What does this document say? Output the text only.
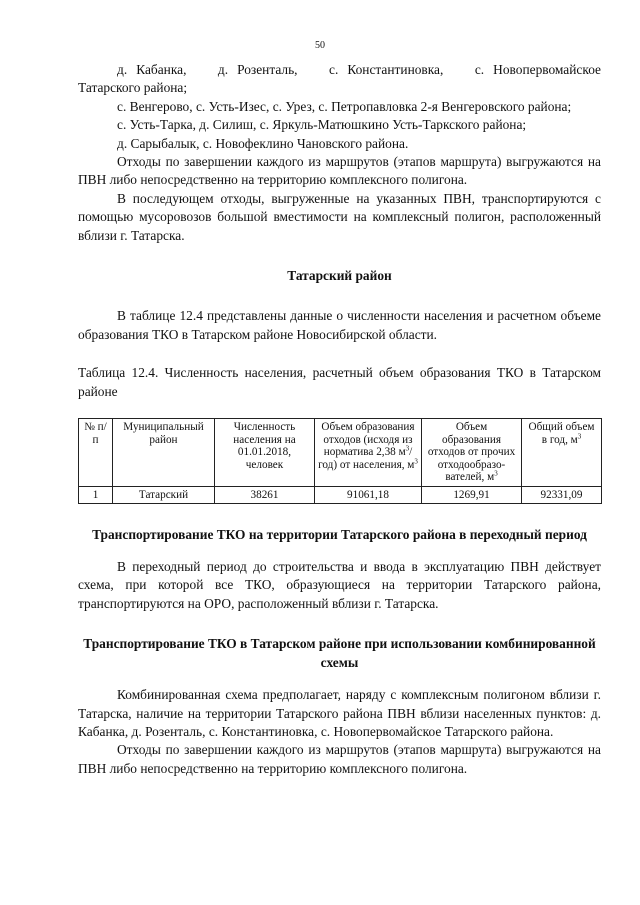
50

д. Кабанка,   д. Розенталь,   с. Константиновка,   с. Новопервомайское Татарского района;

с. Венгерово, с. Усть-Изес, с. Урез, с. Петропавловка 2-я Венгеровского района;

с. Усть-Тарка, д. Силиш, с. Яркуль-Матюшкино Усть-Таркского района;

д. Сарыбалык, с. Новофеклино Чановского района.

Отходы по завершении каждого из маршрутов (этапов маршрута) выгружаются на ПВН либо непосредственно на территорию комплексного полигона.

В последующем отходы, выгруженные на указанных ПВН, транспортируются с помощью мусоровозов большой вместимости на комплексный полигон, расположенный вблизи г. Татарска.

Татарский район

В таблице 12.4 представлены данные о численности населения и расчетном объеме образования ТКО в Татарском районе Новосибирской области.

Таблица 12.4. Численность населения, расчетный объем образования ТКО в Татарском районе

№ п/п	Муниципальный район	Численность населения на 01.01.2018, человек	Объем образования отходов (исходя из норматива 2,38 $м^3/год$) от населения, $м^3$	Объем образования отходов от прочих отходообразо-вателей, $м^3$	Общий объем в год, $м^3$
1	Татарский	38261	91061,18	1269,91	92331,09

Транспортирование ТКО на территории Татарского района в переходный период

В переходный период до строительства и ввода в эксплуатацию ПВН действует схема, при которой все ТКО, образующиеся на территории Татарского района, транспортируются на ОРО, расположенный вблизи г. Татарска.

Транспортирование ТКО в Татарском районе при использовании комбинированной схемы

Комбинированная схема предполагает, наряду с комплексным полигоном вблизи г. Татарска, наличие на территории Татарского района ПВН вблизи населенных пунктов: д. Кабанка, д. Розенталь, с. Константиновка, с. Новопервомайское Татарского района.

Отходы по завершении каждого из маршрутов (этапов маршрута) выгружаются на ПВН либо непосредственно на территорию комплексного полигона.
